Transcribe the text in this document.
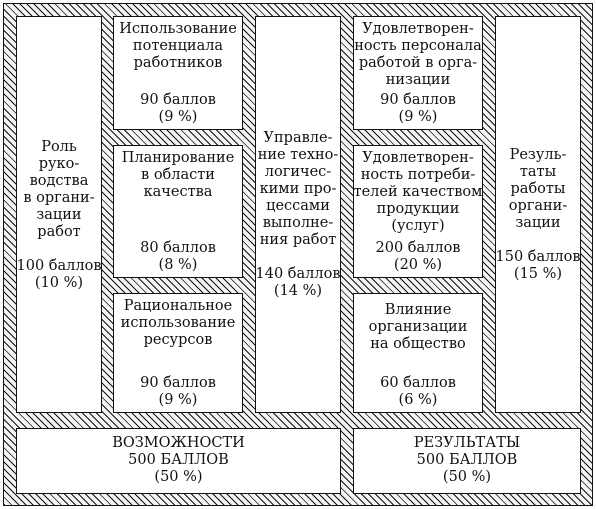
Роль
руко-
водства
в органи-
зации
работ
100 баллов
(10 %)
Использование
потенциала
работников
90 баллов
(9 %)
Планирование
в области
качества
80 баллов
(8 %)
Рациональное
использование
ресурсов
90 баллов
(9 %)
Управле-
ние техно-
логичес-
кими про-
цессами
выполне-
ния работ
140 баллов
(14 %)
Удовлетворен-
ность персонала
работой в орга-
низации
90 баллов
(9 %)
Удовлетворен-
ность потреби-
телей качеством
продукции
(услуг)
200 баллов
(20 %)
Влияние
организации
на общество
60 баллов
(6 %)
Резуль-
таты
работы
органи-
зации
150 баллов
(15 %)
ВОЗМОЖНОСТИ
500 БАЛЛОВ
(50 %)
РЕЗУЛЬТАТЫ
500 БАЛЛОВ
(50 %)
